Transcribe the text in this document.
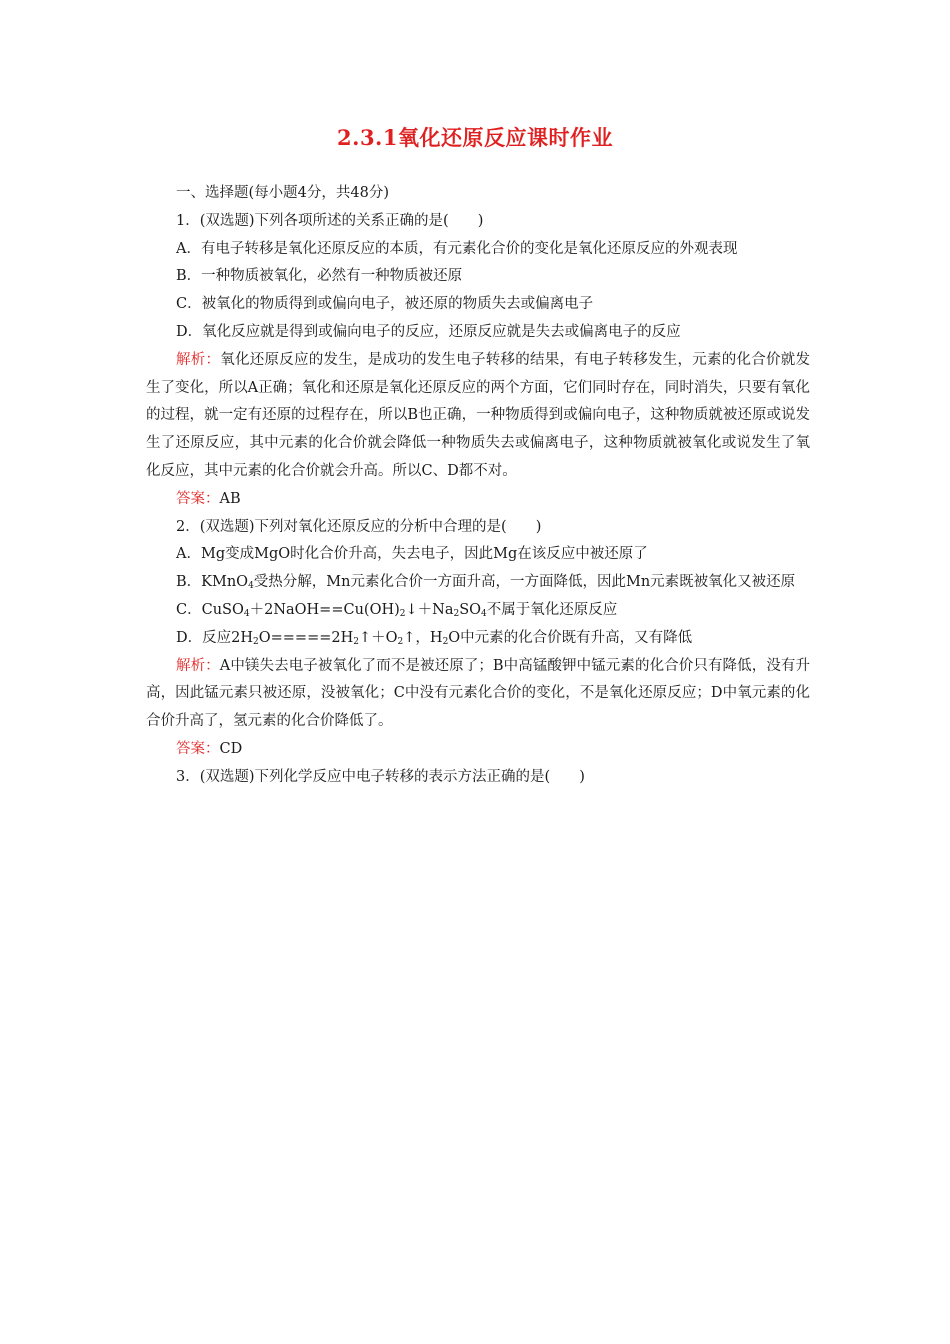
2.3.1氧化还原反应课时作业

一、选择题(每小题4分，共48分)

1．(双选题)下列各项所述的关系正确的是(　　)

A．有电子转移是氧化还原反应的本质，有元素化合价的变化是氧化还原反应的外观表现

B．一种物质被氧化，必然有一种物质被还原

C．被氧化的物质得到或偏向电子，被还原的物质失去或偏离电子

D．氧化反应就是得到或偏向电子的反应，还原反应就是失去或偏离电子的反应

解析：氧化还原反应的发生，是成功的发生电子转移的结果，有电子转移发生，元素的化合价就发生了变化，所以A正确；氧化和还原是氧化还原反应的两个方面，它们同时存在，同时消失，只要有氧化的过程，就一定有还原的过程存在，所以B也正确，一种物质得到或偏向电子，这种物质就被还原或说发生了还原反应，其中元素的化合价就会降低一种物质失去或偏离电子，这种物质就被氧化或说发生了氧化反应，其中元素的化合价就会升高。所以C、D都不对。

答案：AB

2．(双选题)下列对氧化还原反应的分析中合理的是(　　)

A．Mg变成MgO时化合价升高，失去电子，因此Mg在该反应中被还原了

B．KMnO$_4$受热分解，Mn元素化合价一方面升高，一方面降低，因此Mn元素既被氧化又被还原

C．$CuSO_4+2NaOH==Cu(OH)_2↓+Na_2SO_4$不属于氧化还原反应

D．反应$2H_2O=====2H_2↑+O_2↑$，$H_2O$中元素的化合价既有升高，又有降低

解析：A中镁失去电子被氧化了而不是被还原了；B中高锰酸钾中锰元素的化合价只有降低，没有升高，因此锰元素只被还原，没被氧化；C中没有元素化合价的变化，不是氧化还原反应；D中氧元素的化合价升高了，氢元素的化合价降低了。

答案：CD

3．(双选题)下列化学反应中电子转移的表示方法正确的是(　　)
